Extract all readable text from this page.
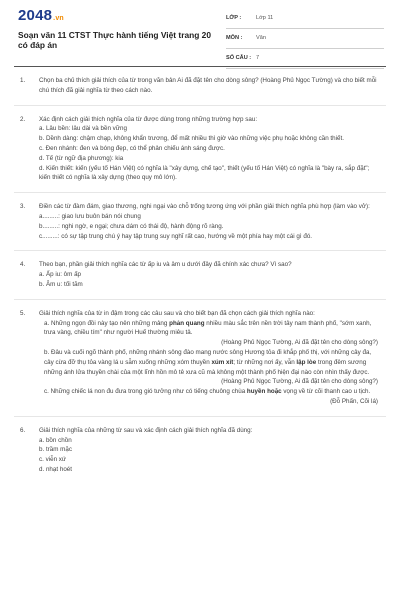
2048.vn
Soạn văn 11 CTST Thực hành tiếng Việt trang 20 có đáp án
LỚP :	Lớp 11
MÔN : Văn
SỐ CÂU : 7
1. Chọn ba chủ thích giải thích của từ trong văn bản Ai đã đặt tên cho dòng sông? (Hoàng Phủ Ngọc Tường) và cho biết mỗi chú thích đã giải nghĩa từ theo cách nào.
2. Xác định cách giải thích nghĩa của từ được dùng trong những trường hợp sau:
a. Lâu bền: lâu dài và bền vững
b. Dềnh dàng: chậm chạp, không khẩn trương, để mất nhiều thì giờ vào những việc phụ hoặc không cần thiết.
c. Đen nhánh: đen và bóng đẹp, có thể phản chiếu ánh sáng được.
d. Tế (từ ngữ địa phương): kia
d. Kiến thiết: kiến (yếu tố Hán Việt) có nghĩa là "xây dựng, chế tạo", thiết (yếu tố Hán Việt) có nghĩa là "bày ra, sắp đặt"; kiến thiết có nghĩa là xây dựng (theo quy mô lớn).
3. Điền các từ đàm đám, giao thương, nghi ngại vào chỗ trống tương ứng với phần giải thích nghĩa phù hợp (làm vào vở):
a.........: giao lưu buôn bán nói chung
b.........: nghi ngờ, e ngại; chưa dám có thái độ, hành động rõ ràng.
c.........: có sự tập trung chú ý hay tập trung suy nghĩ rất cao, hướng về một phía hay một cái gì đó.
4. Theo bạn, phần giải thích nghĩa các từ ấp iu và âm u dưới đây đã chính xác chưa? Vì sao?
a. Ấp iu: ôm ấp
b. Âm u: tối tăm
5. Giải thích nghĩa của từ in đậm trong các câu sau và cho biết bạn đã chọn cách giải thích nghĩa nào:
a. Những ngọn đồi này tạo nên những mảng phản quang nhiều màu sắc trên nền trời tây nam thành phố, "sớm xanh, trưa vàng, chiều tím" như người Huế thường miêu tả.
(Hoàng Phủ Ngọc Tường, Ai đã đặt tên cho dòng sông?)
b. Đâu và cuối ngõ thành phố, những nhánh sông đào mang nước sông Hương tỏa đi khắp phố thị, với những cây đa, cây cừa đỡ thụ tỏa vàng lá u sẫm xuống những xóm thuyền xúm xít; từ những nơi ấy, vẫn lập lòe trong đêm sương những ánh lửa thuyền chài của một lĩnh hồn mô tê xưa cũ mà không một thành phố hiện đại nào còn nhìn thấy được.
(Hoàng Phủ Ngọc Tường, Ai đã đặt tên cho dòng sông?)
c. Những chiếc lá non đu đưa trong gió tưởng như có tiếng chuông chùa huyền hoặc vọng về từ cõi thanh cao u tịch.
(Đỗ Phấn, Cõi lá)
6. Giải thích nghĩa của những từ sau và xác định cách giải thích nghĩa đã dùng:
a. bồn chồn
b. trầm mặc
c. viễn xứ
d. nhạt hoét
